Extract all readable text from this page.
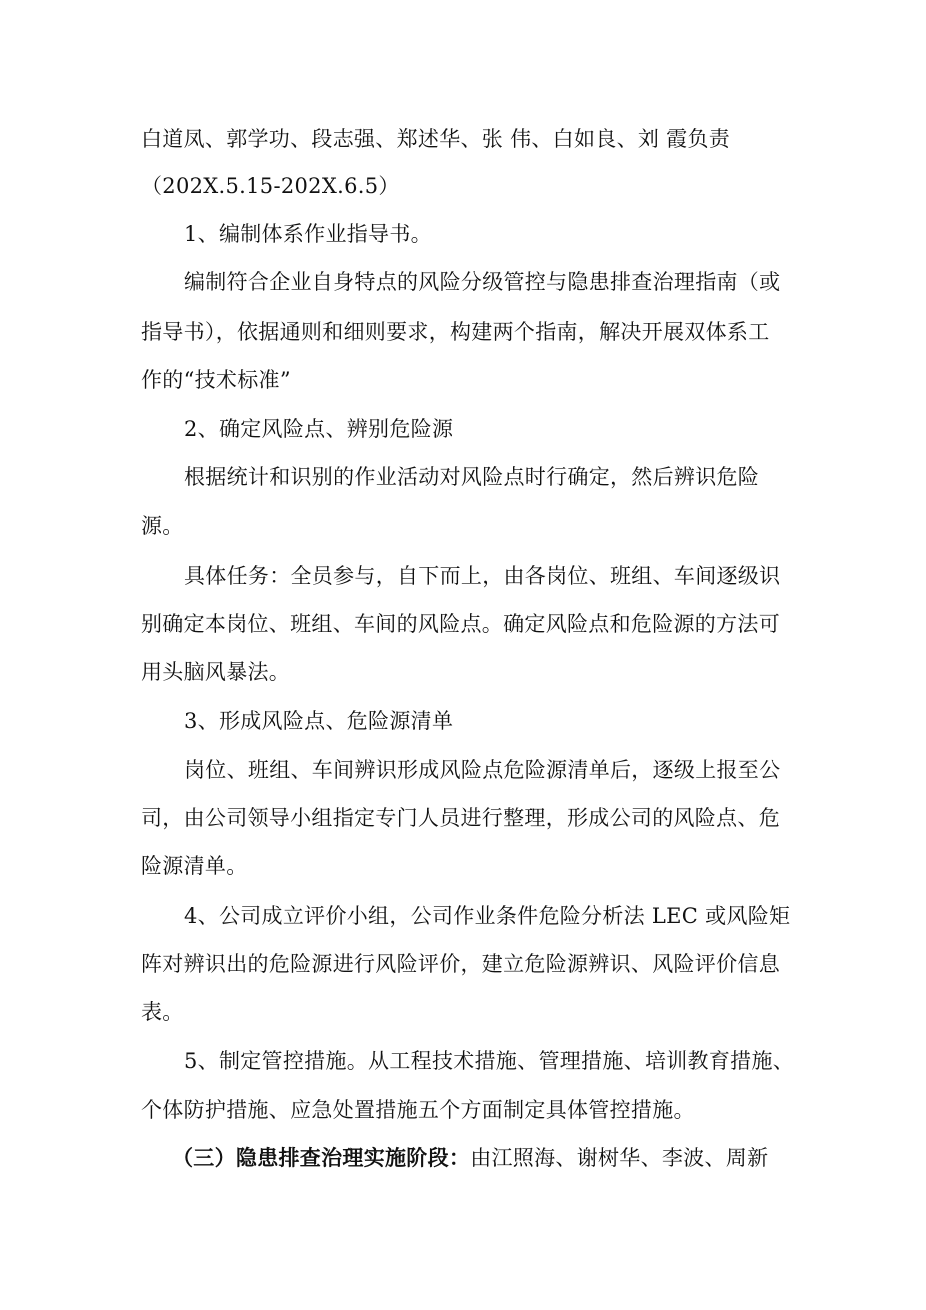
白道凤、郭学功、段志强、郑述华、张 伟、白如良、刘 霞负责
（202X.5.15-202X.6.5）
1、编制体系作业指导书。
编制符合企业自身特点的风险分级管控与隐患排查治理指南（或
指导书），依据通则和细则要求，构建两个指南，解决开展双体系工
作的“技术标准”
2、确定风险点、辨别危险源
根据统计和识别的作业活动对风险点时行确定，然后辨识危险
源。
具体任务：全员参与，自下而上，由各岗位、班组、车间逐级识
别确定本岗位、班组、车间的风险点。确定风险点和危险源的方法可
用头脑风暴法。
3、形成风险点、危险源清单
岗位、班组、车间辨识形成风险点危险源清单后，逐级上报至公
司，由公司领导小组指定专门人员进行整理，形成公司的风险点、危
险源清单。
4、公司成立评价小组，公司作业条件危险分析法 LEC 或风险矩
阵对辨识出的危险源进行风险评价，建立危险源辨识、风险评价信息
表。
5、制定管控措施。从工程技术措施、管理措施、培训教育措施、
个体防护措施、应急处置措施五个方面制定具体管控措施。
（三）隐患排查治理实施阶段：由江照海、谢树华、李波、周新
